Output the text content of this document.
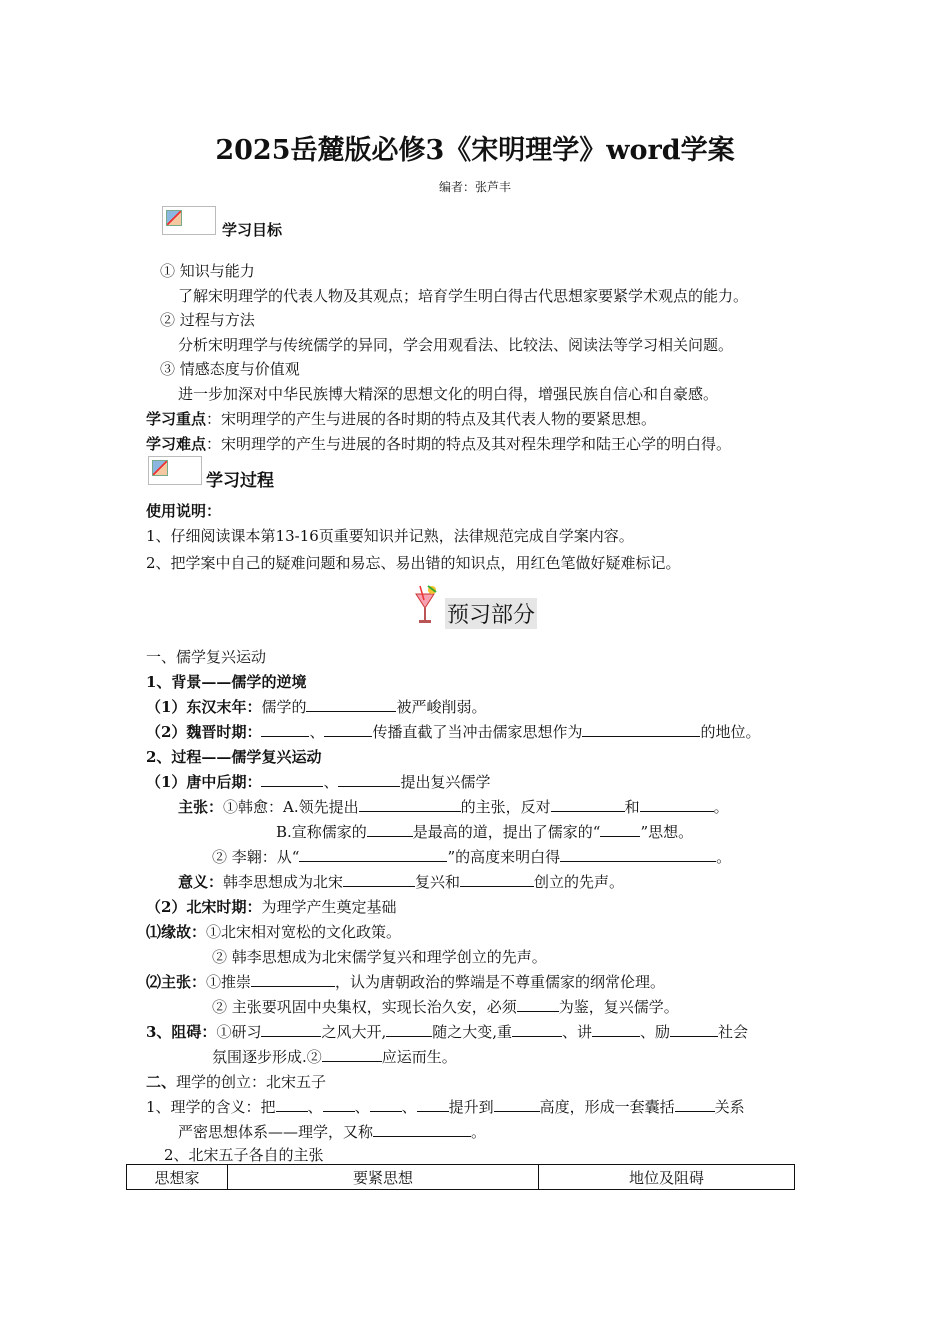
2025岳麓版必修3《宋明理学》word学案
编者：张芦丰
学习目标
① 知识与能力
了解宋明理学的代表人物及其观点；培育学生明白得古代思想家要紧学术观点的能力。
② 过程与方法
分析宋明理学与传统儒学的异同，学会用观看法、比较法、阅读法等学习相关问题。
③ 情感态度与价值观
进一步加深对中华民族博大精深的思想文化的明白得，增强民族自信心和自豪感。
学习重点：宋明理学的产生与进展的各时期的特点及其代表人物的要紧思想。
学习难点：宋明理学的产生与进展的各时期的特点及其对程朱理学和陆王心学的明白得。
学习过程
使用说明：
1、仔细阅读课本第13-16页重要知识并记熟，法律规范完成自学案内容。
2、把学案中自己的疑难问题和易忘、易出错的知识点，用红色笔做好疑难标记。
预习部分
一、儒学复兴运动
1、背景——儒学的逆境
（1）东汉末年：儒学的	被严峻削弱。
（2）魏晋时期：	、	传播直截了当冲击儒家思想作为	的地位。
2、过程——儒学复兴运动
（1）唐中后期：	、	提出复兴儒学
主张：①韩愈：A.领先提出	的主张，反对	和	。
B.宣称儒家的	是最高的道，提出了儒家的“	”思想。
② 李翱：从“	”的高度来明白得	。
意义：韩李思想成为北宋	复兴和	创立的先声。
（2）北宋时期：为理学产生奠定基础
⑴缘故：①北宋相对宽松的文化政策。
② 韩李思想成为北宋儒学复兴和理学创立的先声。
⑵主张：①推崇	，认为唐朝政治的弊端是不尊重儒家的纲常伦理。
② 主张要巩固中央集权，实现长治久安，必须	为鉴，复兴儒学。
3、阻碍：①研习	之风大开,	随之大变,重	、讲	、励	社会
氛围逐步形成.②	应运而生。
二、理学的创立：北宋五子
1、理学的含义：把 、 、 、 提升到	高度，形成一套囊括	关系
严密思想体系——理学，又称	。
2、北宋五子各自的主张
思想家	要紧思想	地位及阻碍
